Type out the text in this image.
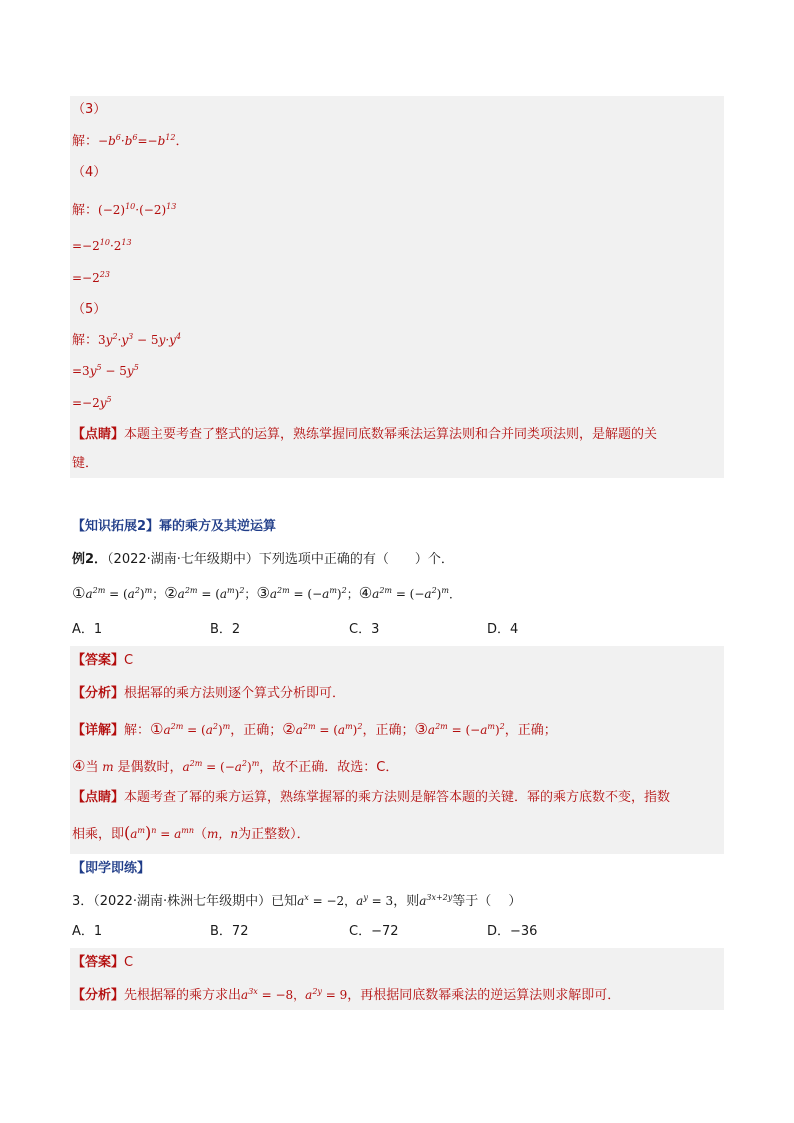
（3）
解：$-b^6\cdot b^6=-b^{12}$．
（4）
解：$(-2)^{10}\cdot(-2)^{13}$
$=-2^{10}\cdot 2^{13}$
$=-2^{23}$
（5）
解：$3y^2\cdot y^3 - 5y\cdot y^4$
$=3y^5 - 5y^5$
$=-2y^5$
【点睛】本题主要考查了整式的运算，熟练掌握同底数幂乘法运算法则和合并同类项法则，是解题的关
键．
【知识拓展2】幂的乘方及其逆运算
例2．（2022·湖南·七年级期中）下列选项中正确的有（　　）个．
$①a^{2m} = (a^2)^m$；$②a^{2m} = (a^m)^2$；$③a^{2m} = (-a^m)^2$；$④a^{2m} = (-a^2)^m$．
A．1	B．2	C．3	D．4
【答案】C
【分析】根据幂的乘方法则逐个算式分析即可．
【详解】解：$①a^{2m} = (a^2)^m$，正确；$②a^{2m} = (a^m)^2$，正确；$③a^{2m} = (-a^m)^2$，正确；
④当 m 是偶数时，$a^{2m} = (-a^2)^m$，故不正确．故选：C．
【点睛】本题考查了幂的乘方运算，熟练掌握幂的乘方法则是解答本题的关键．幂的乘方底数不变，指数
相乘，即$(a^m)^n = a^{mn}(m$，n为正整数）．
【即学即练】
3．（2022·湖南·株洲七年级期中）已知$a^x = -2$，$a^y = 3$，则$a^{3x+2y}$等于（　 ）
A．1	B．72	C．−72	D．−36
【答案】C
【分析】先根据幂的乘方求出$a^{3x} = -8$，$a^{2y} = 9$，再根据同底数幂乘法的逆运算法则求解即可．
